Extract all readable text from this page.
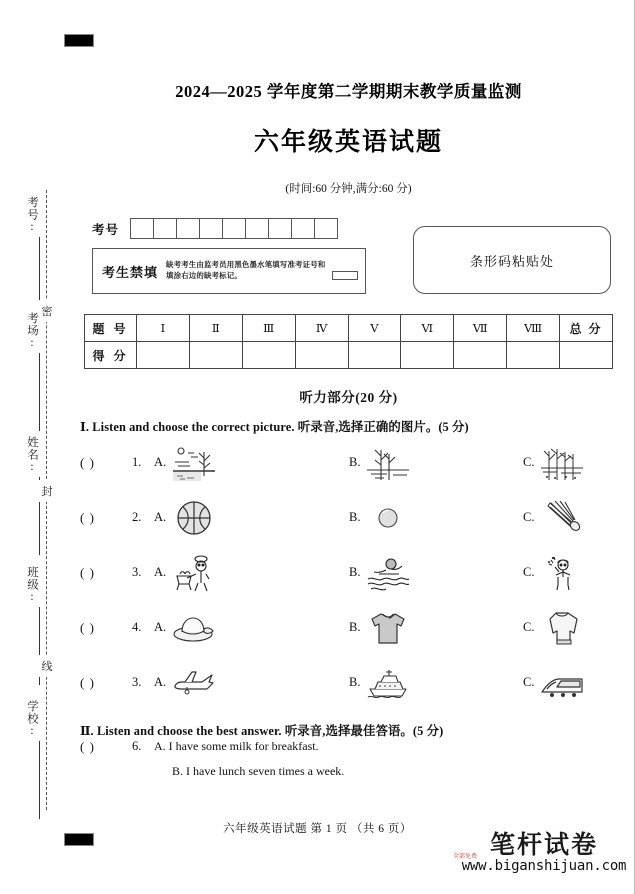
考号:
考场:
姓名:
班级:
学校:
密
封
线
2024—2025 学年度第二学期期末教学质量监测
六年级英语试题
(时间:60 分钟,满分:60 分)
考号
考生禁填	缺考考生由监考员用黑色墨水笔填写准考证号和填涂右边的缺考标记。
条形码粘贴处
题 号	Ⅰ	Ⅱ	Ⅲ	Ⅳ	Ⅴ	Ⅵ	Ⅶ	Ⅷ	总 分
得 分									
听力部分(20 分)
Ⅰ. Listen and choose the correct picture. 听录音,选择正确的图片。(5 分)
( )	1.	A.	B.	C.
( )	2.	A.	B.	C.
( )	3.	A.	B.	C.
( )	4.	A.	B.	C.
( )	3.	A.	B.	C.
Ⅱ. Listen and choose the best answer. 听录音,选择最佳答语。(5 分)
( )	6.	A. I have some milk for breakfast.
B. I have lunch seven times a week.
六年级英语试题 第 1 页 （共 6 页）
全部免费 笔杆试卷
www.biganshijuan.com
